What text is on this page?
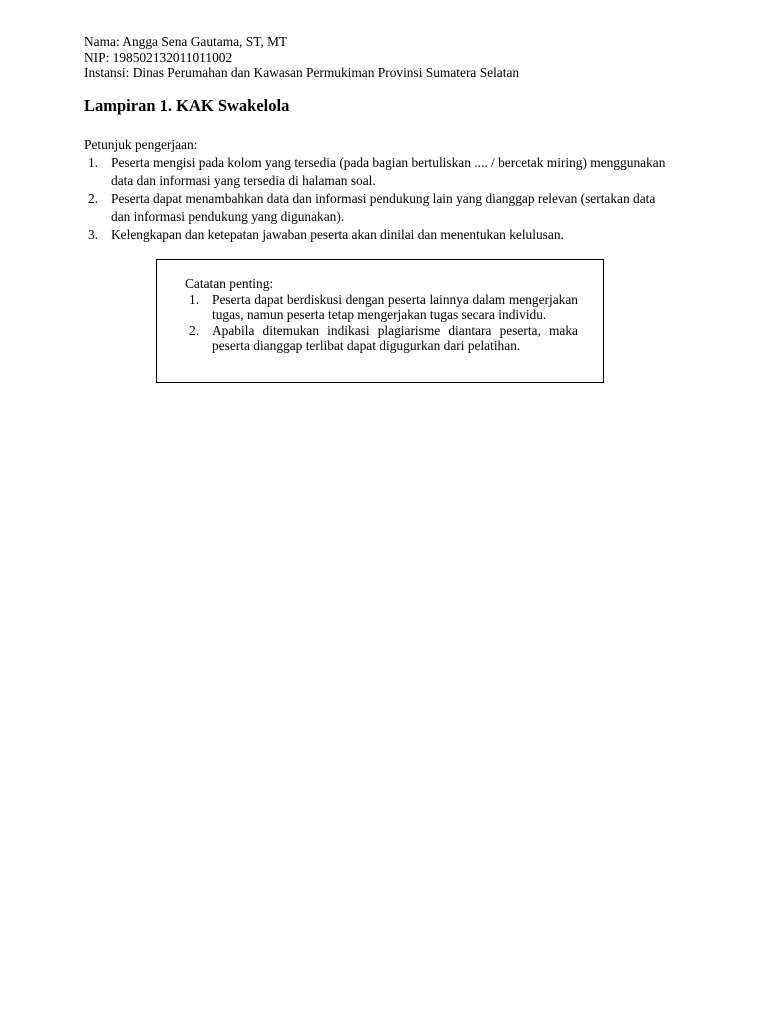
Nama: Angga Sena Gautama, ST, MT
NIP: 198502132011011002
Instansi: Dinas Perumahan dan Kawasan Permukiman Provinsi Sumatera Selatan
Lampiran 1. KAK Swakelola
Petunjuk pengerjaan:
1. Peserta mengisi pada kolom yang tersedia (pada bagian bertuliskan .... / bercetak miring) menggunakan data dan informasi yang tersedia di halaman soal.
2. Peserta dapat menambahkan data dan informasi pendukung lain yang dianggap relevan (sertakan data dan informasi pendukung yang digunakan).
3. Kelengkapan dan ketepatan jawaban peserta akan dinilai dan menentukan kelulusan.
Catatan penting:
1. Peserta dapat berdiskusi dengan peserta lainnya dalam mengerjakan tugas, namun peserta tetap mengerjakan tugas secara individu.
2. Apabila ditemukan indikasi plagiarisme diantara peserta, maka peserta dianggap terlibat dapat digugurkan dari pelatihan.
